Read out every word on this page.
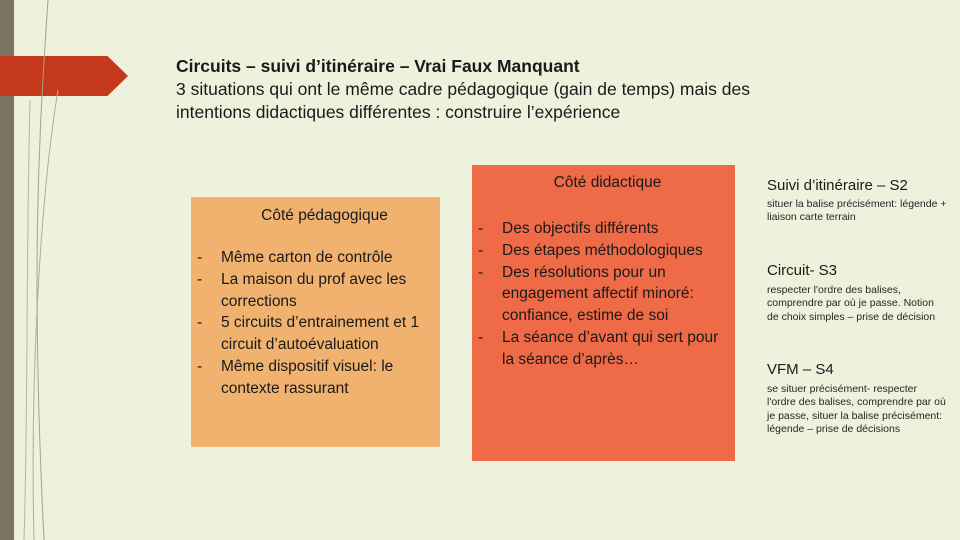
Circuits – suivi d’itinéraire – Vrai Faux Manquant
3 situations qui ont le même cadre pédagogique (gain de temps) mais des
intentions didactiques différentes : construire l’expérience
Côté pédagogique
- Même carton de contrôle
- La maison du prof avec les corrections
- 5 circuits d’entrainement et 1 circuit d’autoévaluation
- Même dispositif visuel: le contexte rassurant
Côté didactique
- Des objectifs différents
- Des étapes méthodologiques
- Des résolutions pour un engagement affectif minoré: confiance, estime de soi
- La séance d’avant qui sert pour la séance d’après…
Suivi d’itinéraire – S2
situer la balise précisément: légende + liaison carte terrain
Circuit- S3
respecter l'ordre des balises, comprendre par où je passe. Notion de choix simples – prise de décision
VFM – S4
se situer précisément- respecter l'ordre des balises, comprendre par où je passe, situer la balise précisément: légende – prise de décisions
